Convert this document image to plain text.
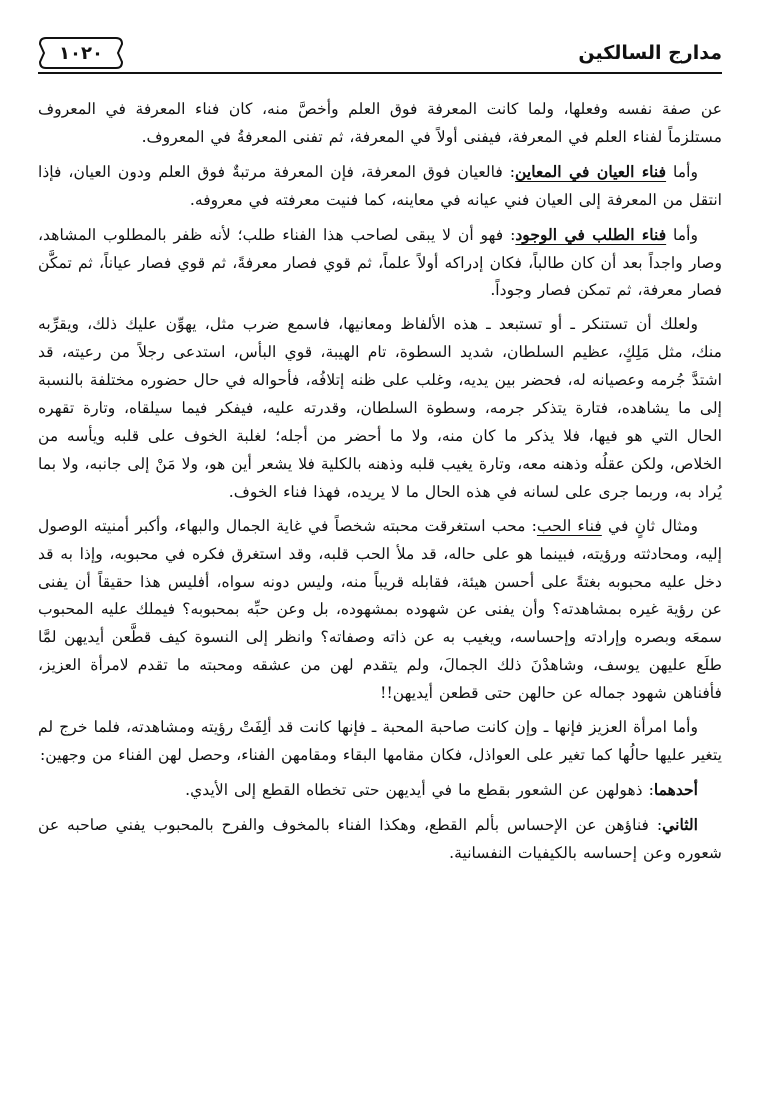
مدارج السالكين
١٠٢٠

عن صفة نفسه وفعلها، ولما كانت المعرفة فوق العلم وأخصَّ منه، كان فناء المعرفة في المعروف مستلزماً لفناء العلم في المعرفة، فيفنى أولاً في المعرفة، ثم تفنى المعرفةُ في المعروف.

وأما فناء العيان في المعاين: فالعيان فوق المعرفة، فإن المعرفة مرتبةٌ فوق العلم ودون العيان، فإذا انتقل من المعرفة إلى العيان فني عيانه في معاينه، كما فنيت معرفته في معروفه.

وأما فناء الطلب في الوجود: فهو أن لا يبقى لصاحب هذا الفناء طلب؛ لأنه ظفر بالمطلوب المشاهد، وصار واجداً بعد أن كان طالباً، فكان إدراكه أولاً علماً، ثم قوي فصار معرفةً، ثم قوي فصار عياناً، ثم تمكَّن فصار معرفة، ثم تمكن فصار وجوداً.

ولعلك أن تستنكر ـ أو تستبعد ـ هذه الألفاظ ومعانيها، فاسمع ضرب مثل، يهوِّن عليك ذلك، ويقرِّبه منك، مثل مَلِكٍ، عظيم السلطان، شديد السطوة، تام الهيبة، قوي البأس، استدعى رجلاً من رعيته، قد اشتدَّ جُرمه وعصيانه له، فحضر بين يديه، وغلب على ظنه إتلافُه، فأحواله في حال حضوره مختلفة بالنسبة إلى ما يشاهده، فتارة يتذكر جرمه، وسطوة السلطان، وقدرته عليه، فيفكر فيما سيلقاه، وتارة تقهره الحال التي هو فيها، فلا يذكر ما كان منه، ولا ما أحضر من أجله؛ لغلبة الخوف على قلبه ويأسه من الخلاص، ولكن عقلُه وذهنه معه، وتارة يغيب قلبه وذهنه بالكلية فلا يشعر أين هو، ولا مَنْ إلى جانبه، ولا بما يُراد به، وربما جرى على لسانه في هذه الحال ما لا يريده، فهذا فناء الخوف.

ومثال ثانٍ في فناء الحب: محب استغرقت محبته شخصاً في غاية الجمال والبهاء، وأكبر أمنيته الوصول إليه، ومحادثته ورؤيته، فبينما هو على حاله، قد ملأ الحب قلبه، وقد استغرق فكره في محبوبه، وإذا به قد دخل عليه محبوبه بغتةً على أحسن هيئة، فقابله قريباً منه، وليس دونه سواه، أفليس هذا حقيقاً أن يفنى عن رؤية غيره بمشاهدته؟ وأن يفنى عن شهوده بمشهوده، بل وعن حبِّه بمحبوبه؟ فيملك عليه المحبوب سمعَه وبصره وإرادته وإحساسه، ويغيب به عن ذاته وصفاته؟ وانظر إلى النسوة كيف قطَّعن أيديهن لمَّا طلَع عليهن يوسف، وشاهدْنَ ذلك الجمالَ، ولم يتقدم لهن من عشقه ومحبته ما تقدم لامرأة العزيز، فأفناهن شهود جماله عن حالهن حتى قطعن أيديهن!!

وأما امرأة العزيز فإنها ـ وإن كانت صاحبة المحبة ـ فإنها كانت قد ألِفَتْ رؤيته ومشاهدته، فلما خرج لم يتغير عليها حالُها كما تغير على العواذل، فكان مقامها البقاء ومقامهن الفناء، وحصل لهن الفناء من وجهين:

أحدهما: ذهولهن عن الشعور بقطع ما في أيديهن حتى تخطاه القطع إلى الأيدي.

الثاني: فناؤهن عن الإحساس بألم القطع، وهكذا الفناء بالمخوف والفرح بالمحبوب يفني صاحبه عن شعوره وعن إحساسه بالكيفيات النفسانية.
